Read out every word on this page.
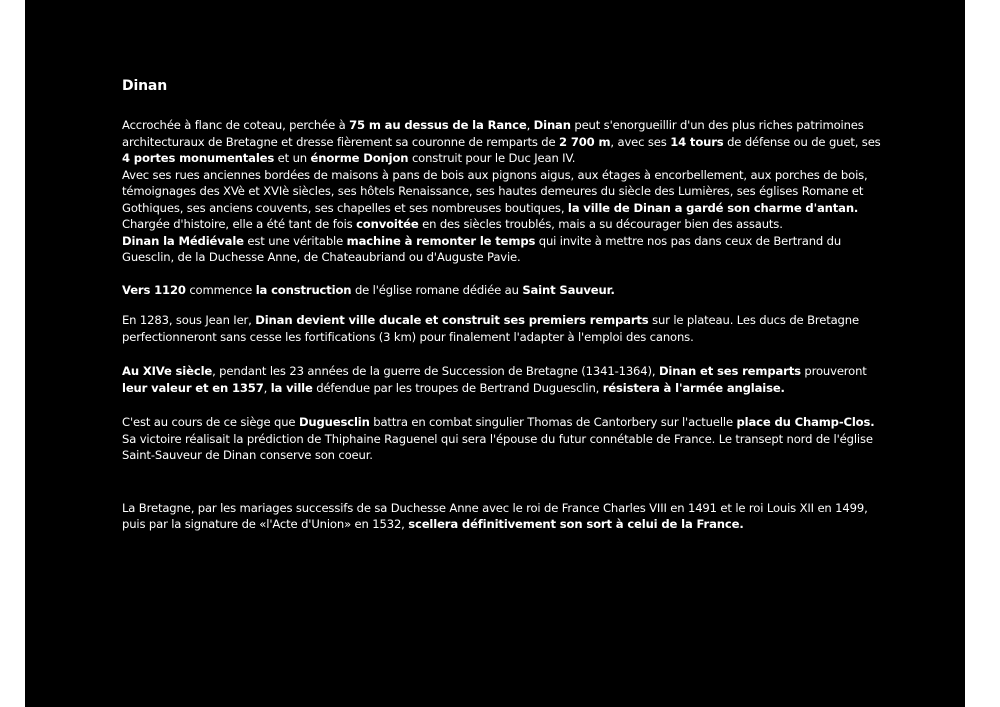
Dinan

Accrochée à flanc de coteau, perchée à 75 m au dessus de la Rance, Dinan peut s'enorgueillir d'un des plus riches patrimoines architecturaux de Bretagne et dresse fièrement sa couronne de remparts de 2 700 m, avec ses 14 tours de défense ou de guet, ses 4 portes monumentales et un énorme Donjon construit pour le Duc Jean IV.

Avec ses rues anciennes bordées de maisons à pans de bois aux pignons aigus, aux étages à encorbellement, aux porches de bois, témoignages des XVè et XVIè siècles, ses hôtels Renaissance, ses hautes demeures du siècle des Lumières, ses églises Romane et Gothiques, ses anciens couvents, ses chapelles et ses nombreuses boutiques, la ville de Dinan a gardé son charme d'antan.

Chargée d'histoire, elle a été tant de fois convoitée en des siècles troublés, mais a su décourager bien des assauts.

Dinan la Médiévale est une véritable machine à remonter le temps qui invite à mettre nos pas dans ceux de Bertrand du Guesclin, de la Duchesse Anne, de Chateaubriand ou d'Auguste Pavie.

Vers 1120 commence la construction de l'église romane dédiée au Saint Sauveur.

En 1283, sous Jean Ier, Dinan devient ville ducale et construit ses premiers remparts sur le plateau. Les ducs de Bretagne perfectionneront sans cesse les fortifications (3 km) pour finalement l'adapter à l'emploi des canons.

Au XIVe siècle, pendant les 23 années de la guerre de Succession de Bretagne (1341-1364), Dinan et ses remparts prouveront leur valeur et en 1357, la ville défendue par les troupes de Bertrand Duguesclin, résistera à l'armée anglaise.

C'est au cours de ce siège que Duguesclin battra en combat singulier Thomas de Cantorbery sur l'actuelle place du Champ-Clos. Sa victoire réalisait la prédiction de Thiphaine Raguenel qui sera l'épouse du futur connétable de France. Le transept nord de l'église Saint-Sauveur de Dinan conserve son coeur.

La Bretagne, par les mariages successifs de sa Duchesse Anne avec le roi de France Charles VIII en 1491 et le roi Louis XII en 1499, puis par la signature de «l'Acte d'Union» en 1532, scellera définitivement son sort à celui de la France.
